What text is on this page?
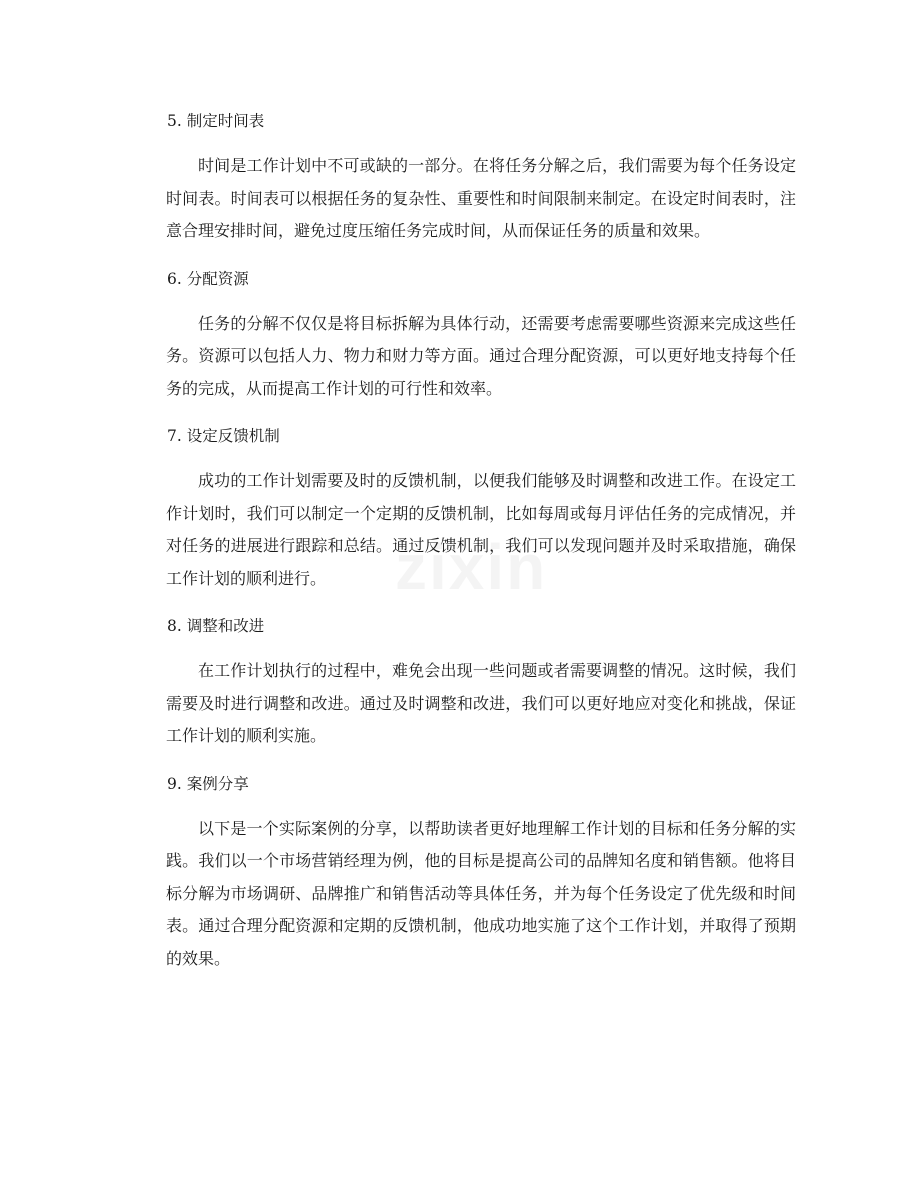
5. 制定时间表

时间是工作计划中不可或缺的一部分。在将任务分解之后，我们需要为每个任务设定时间表。时间表可以根据任务的复杂性、重要性和时间限制来制定。在设定时间表时，注意合理安排时间，避免过度压缩任务完成时间，从而保证任务的质量和效果。

6. 分配资源

任务的分解不仅仅是将目标拆解为具体行动，还需要考虑需要哪些资源来完成这些任务。资源可以包括人力、物力和财力等方面。通过合理分配资源，可以更好地支持每个任务的完成，从而提高工作计划的可行性和效率。

7. 设定反馈机制

成功的工作计划需要及时的反馈机制，以便我们能够及时调整和改进工作。在设定工作计划时，我们可以制定一个定期的反馈机制，比如每周或每月评估任务的完成情况，并对任务的进展进行跟踪和总结。通过反馈机制，我们可以发现问题并及时采取措施，确保工作计划的顺利进行。

8. 调整和改进

在工作计划执行的过程中，难免会出现一些问题或者需要调整的情况。这时候，我们需要及时进行调整和改进。通过及时调整和改进，我们可以更好地应对变化和挑战，保证工作计划的顺利实施。

9. 案例分享

以下是一个实际案例的分享，以帮助读者更好地理解工作计划的目标和任务分解的实践。我们以一个市场营销经理为例，他的目标是提高公司的品牌知名度和销售额。他将目标分解为市场调研、品牌推广和销售活动等具体任务，并为每个任务设定了优先级和时间表。通过合理分配资源和定期的反馈机制，他成功地实施了这个工作计划，并取得了预期的效果。
